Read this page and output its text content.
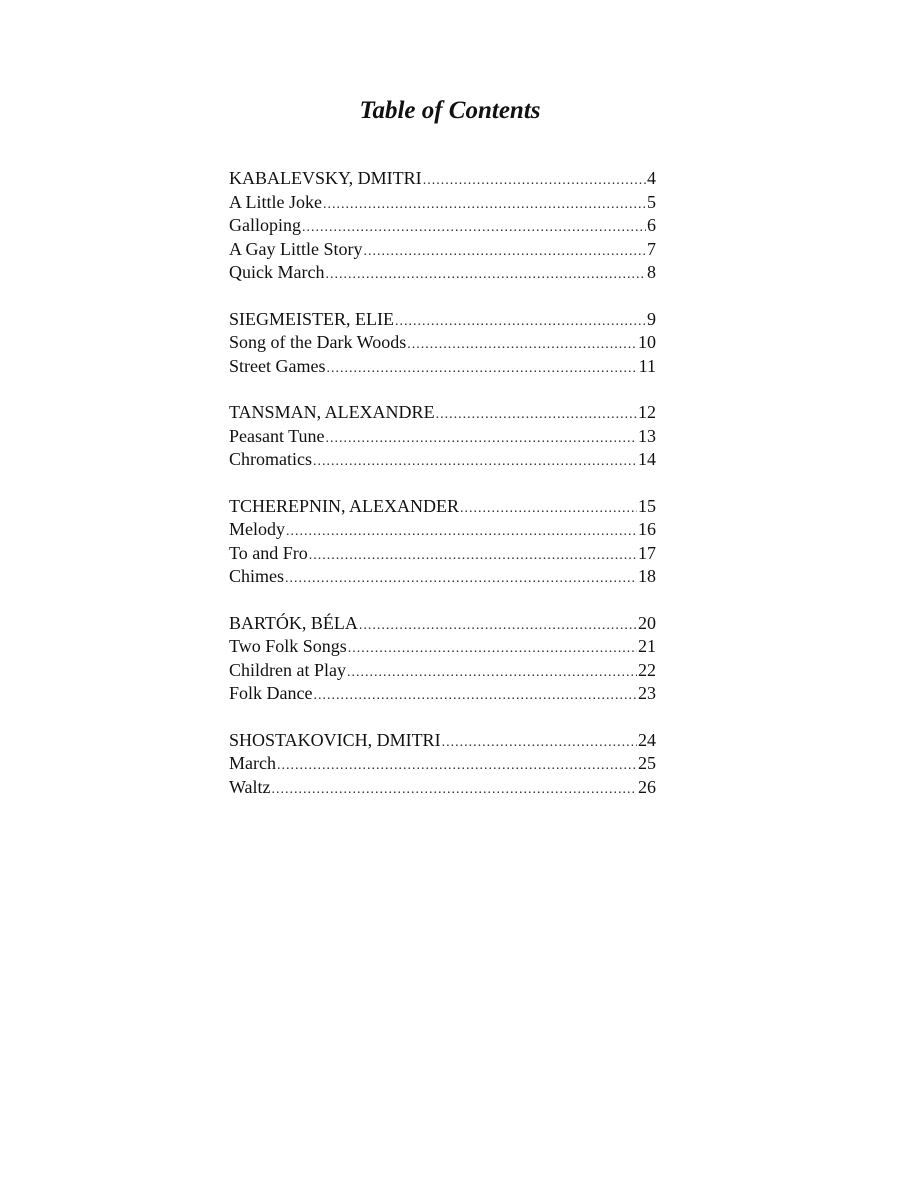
Table of Contents
KABALEVSKY, DMITRI .....	4
A Little Joke .....	5
Galloping .....	6
A Gay Little Story .....	7
Quick March .....	8
SIEGMEISTER, ELIE .....	9
Song of the Dark Woods .....	10
Street Games .....	11
TANSMAN, ALEXANDRE .....	12
Peasant Tune .....	13
Chromatics .....	14
TCHEREPNIN, ALEXANDER .....	15
Melody .....	16
To and Fro .....	17
Chimes .....	18
BARTÓK, BÉLA .....	20
Two Folk Songs .....	21
Children at Play .....	22
Folk Dance .....	23
SHOSTAKOVICH, DMITRI .....	24
March .....	25
Waltz .....	26
